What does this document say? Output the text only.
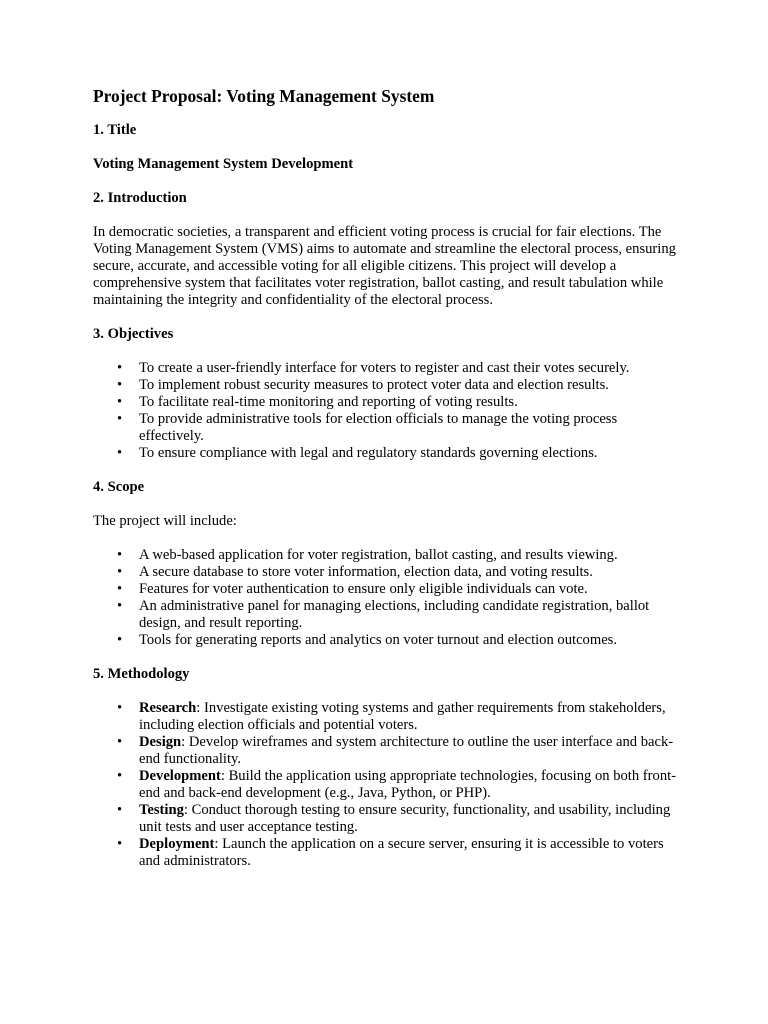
Project Proposal: Voting Management System
1. Title

Voting Management System Development

2. Introduction

In democratic societies, a transparent and efficient voting process is crucial for fair elections. The Voting Management System (VMS) aims to automate and streamline the electoral process, ensuring secure, accurate, and accessible voting for all eligible citizens. This project will develop a comprehensive system that facilitates voter registration, ballot casting, and result tabulation while maintaining the integrity and confidentiality of the electoral process.

3. Objectives
• To create a user-friendly interface for voters to register and cast their votes securely.
• To implement robust security measures to protect voter data and election results.
• To facilitate real-time monitoring and reporting of voting results.
• To provide administrative tools for election officials to manage the voting process effectively.
• To ensure compliance with legal and regulatory standards governing elections.
4. Scope

The project will include:

• A web-based application for voter registration, ballot casting, and results viewing.
• A secure database to store voter information, election data, and voting results.
• Features for voter authentication to ensure only eligible individuals can vote.
• An administrative panel for managing elections, including candidate registration, ballot design, and result reporting.
• Tools for generating reports and analytics on voter turnout and election outcomes.
5. Methodology
• Research: Investigate existing voting systems and gather requirements from stakeholders, including election officials and potential voters.
• Design: Develop wireframes and system architecture to outline the user interface and back-end functionality.
• Development: Build the application using appropriate technologies, focusing on both front-end and back-end development (e.g., Java, Python, or PHP).
• Testing: Conduct thorough testing to ensure security, functionality, and usability, including unit tests and user acceptance testing.
• Deployment: Launch the application on a secure server, ensuring it is accessible to voters and administrators.
